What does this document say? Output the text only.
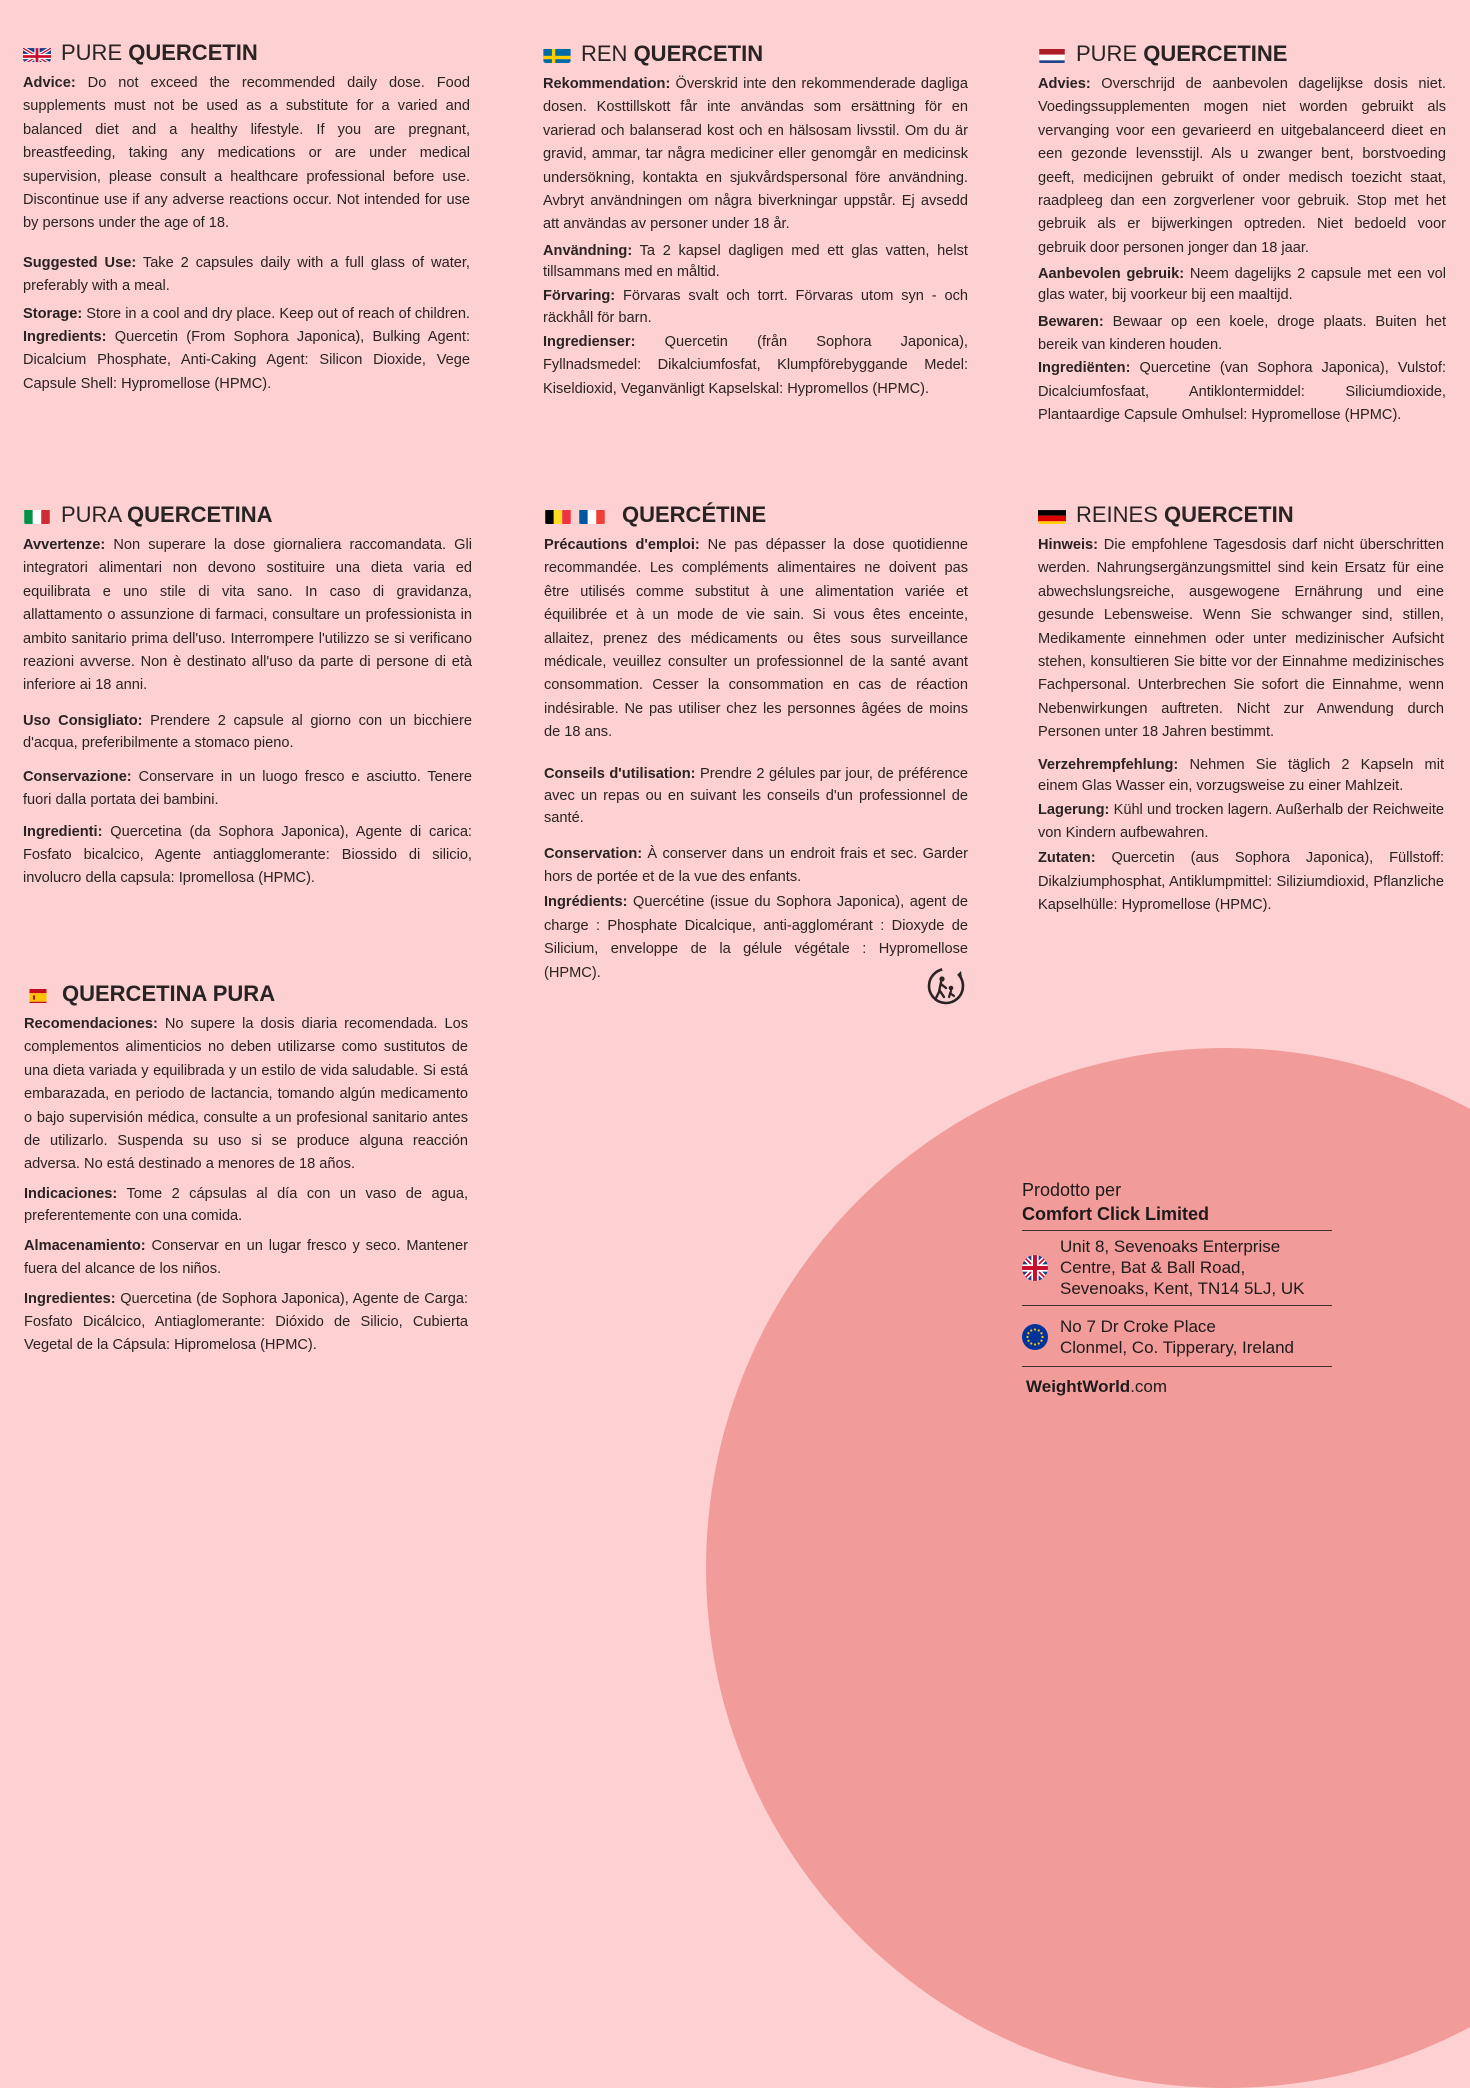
PURE QUERCETIN

Advice: Do not exceed the recommended daily dose. Food supplements must not be used as a substitute for a varied and balanced diet and a healthy lifestyle. If you are pregnant, breastfeeding, taking any medications or are under medical supervision, please consult a healthcare professional before use. Discontinue use if any adverse reactions occur. Not intended for use by persons under the age of 18.

Suggested Use: Take 2 capsules daily with a full glass of water, preferably with a meal.

Storage: Store in a cool and dry place. Keep out of reach of children.

Ingredients: Quercetin (From Sophora Japonica), Bulking Agent: Dicalcium Phosphate, Anti-Caking Agent: Silicon Dioxide, Vege Capsule Shell: Hypromellose (HPMC).

REN QUERCETIN

Rekommendation: Överskrid inte den rekommenderade dagliga dosen. Kosttillskott får inte användas som ersättning för en varierad och balanserad kost och en hälsosam livsstil. Om du är gravid, ammar, tar några mediciner eller genomgår en medicinsk undersökning, kontakta en sjukvårdspersonal före användning. Avbryt användningen om några biverkningar uppstår. Ej avsedd att användas av personer under 18 år.

Användning: Ta 2 kapsel dagligen med ett glas vatten, helst tillsammans med en måltid.

Förvaring: Förvaras svalt och torrt. Förvaras utom syn - och räckhåll för barn.

Ingredienser: Quercetin (från Sophora Japonica), Fyllnadsmedel: Dikalciumfosfat, Klumpförebyggande Medel: Kiseldioxid, Veganvänligt Kapselskal: Hypromellos (HPMC).

PURE QUERCETINE

Advies: Overschrijd de aanbevolen dagelijkse dosis niet. Voedingssupplementen mogen niet worden gebruikt als vervanging voor een gevarieerd en uitgebalanceerd dieet en een gezonde levensstijl. Als u zwanger bent, borstvoeding geeft, medicijnen gebruikt of onder medisch toezicht staat, raadpleeg dan een zorgverlener voor gebruik. Stop met het gebruik als er bijwerkingen optreden. Niet bedoeld voor gebruik door personen jonger dan 18 jaar.

Aanbevolen gebruik: Neem dagelijks 2 capsule met een vol glas water, bij voorkeur bij een maaltijd.

Bewaren: Bewaar op een koele, droge plaats. Buiten het bereik van kinderen houden.

Ingrediënten: Quercetine (van Sophora Japonica), Vulstof: Dicalciumfosfaat, Antiklontermiddel: Siliciumdioxide, Plantaardige Capsule Omhulsel: Hypromellose (HPMC).

PURA QUERCETINA

Avvertenze: Non superare la dose giornaliera raccomandata. Gli integratori alimentari non devono sostituire una dieta varia ed equilibrata e uno stile di vita sano. In caso di gravidanza, allattamento o assunzione di farmaci, consultare un professionista in ambito sanitario prima dell'uso. Interrompere l'utilizzo se si verificano reazioni avverse. Non è destinato all'uso da parte di persone di età inferiore ai 18 anni.

Uso Consigliato: Prendere 2 capsule al giorno con un bicchiere d'acqua, preferibilmente a stomaco pieno.

Conservazione: Conservare in un luogo fresco e asciutto. Tenere fuori dalla portata dei bambini.

Ingredienti: Quercetina (da Sophora Japonica), Agente di carica: Fosfato bicalcico, Agente antiagglomerante: Biossido di silicio, involucro della capsula: Ipromellosa (HPMC).

QUERCÉTINE

Précautions d'emploi: Ne pas dépasser la dose quotidienne recommandée. Les compléments alimentaires ne doivent pas être utilisés comme substitut à une alimentation variée et équilibrée et à un mode de vie sain. Si vous êtes enceinte, allaitez, prenez des médicaments ou êtes sous surveillance médicale, veuillez consulter un professionnel de la santé avant consommation. Cesser la consommation en cas de réaction indésirable. Ne pas utiliser chez les personnes âgées de moins de 18 ans.

Conseils d'utilisation: Prendre 2 gélules par jour, de préférence avec un repas ou en suivant les conseils d'un professionnel de santé.

Conservation: À conserver dans un endroit frais et sec. Garder hors de portée et de la vue des enfants.

Ingrédients: Quercétine (issue du Sophora Japonica), agent de charge : Phosphate Dicalcique, anti-agglomérant : Dioxyde de Silicium, enveloppe de la gélule végétale : Hypromellose (HPMC).

REINES QUERCETIN

Hinweis: Die empfohlene Tagesdosis darf nicht überschritten werden. Nahrungsergänzungsmittel sind kein Ersatz für eine abwechslungsreiche, ausgewogene Ernährung und eine gesunde Lebensweise. Wenn Sie schwanger sind, stillen, Medikamente einnehmen oder unter medizinischer Aufsicht stehen, konsultieren Sie bitte vor der Einnahme medizinisches Fachpersonal. Unterbrechen Sie sofort die Einnahme, wenn Nebenwirkungen auftreten. Nicht zur Anwendung durch Personen unter 18 Jahren bestimmt.

Verzehrempfehlung: Nehmen Sie täglich 2 Kapseln mit einem Glas Wasser ein, vorzugsweise zu einer Mahlzeit.

Lagerung: Kühl und trocken lagern. Außerhalb der Reichweite von Kindern aufbewahren.

Zutaten: Quercetin (aus Sophora Japonica), Füllstoff: Dikalziumphosphat, Antiklumpmittel: Siliziumdioxid, Pflanzliche Kapselhülle: Hypromellose (HPMC).

QUERCETINA PURA

Recomendaciones: No supere la dosis diaria recomendada. Los complementos alimenticios no deben utilizarse como sustitutos de una dieta variada y equilibrada y un estilo de vida saludable. Si está embarazada, en periodo de lactancia, tomando algún medicamento o bajo supervisión médica, consulte a un profesional sanitario antes de utilizarlo. Suspenda su uso si se produce alguna reacción adversa. No está destinado a menores de 18 años.

Indicaciones: Tome 2 cápsulas al día con un vaso de agua, preferentemente con una comida.

Almacenamiento: Conservar en un lugar fresco y seco. Mantener fuera del alcance de los niños.

Ingredientes: Quercetina (de Sophora Japonica), Agente de Carga: Fosfato Dicálcico, Antiaglomerante: Dióxido de Silicio, Cubierta Vegetal de la Cápsula: Hipromelosa (HPMC).

Prodotto per
Comfort Click Limited
Unit 8, Sevenoaks Enterprise
Centre, Bat & Ball Road,
Sevenoaks, Kent, TN14 5LJ, UK
No 7 Dr Croke Place
Clonmel, Co. Tipperary, Ireland
WeightWorld.com
